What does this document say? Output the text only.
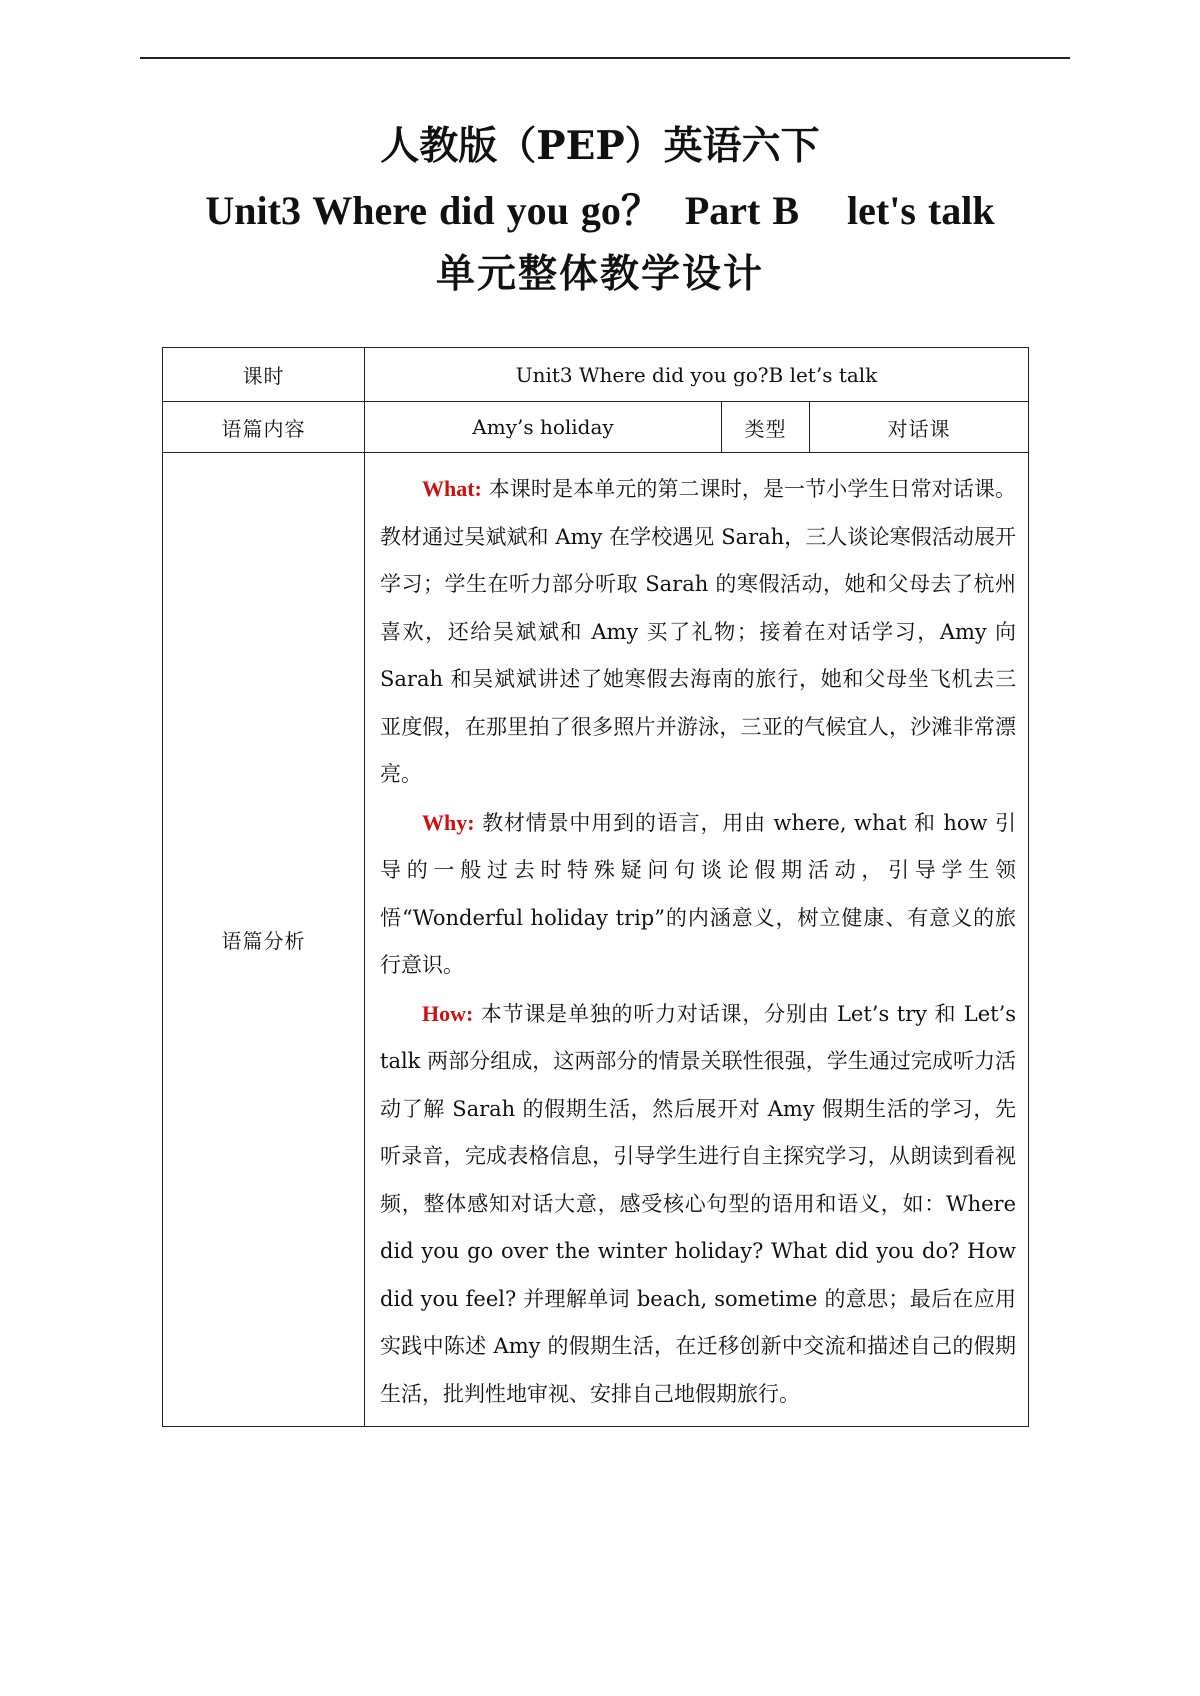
人教版（PEP）英语六下
Unit3 Where did you go？  Part B    let's talk
单元整体教学设计
课时	Unit3 Where did you go?B let’s talk		
语篇内容	Amy’s holiday	类型	对话课
语篇分析	What: 本课时是本单元的第二课时，是一节小学生日常对话课。教材通过吴斌斌和 Amy 在学校遇见 Sarah，三人谈论寒假活动展开学习；学生在听力部分听取 Sarah 的寒假活动，她和父母去了杭州喜欢，还给吴斌斌和 Amy 买了礼物；接着在对话学习，Amy 向 Sarah 和吴斌斌讲述了她寒假去海南的旅行，她和父母坐飞机去三亚度假，在那里拍了很多照片并游泳，三亚的气候宜人，沙滩非常漂亮。

Why: 教材情景中用到的语言，用由 where, what 和 how 引导的一般过去时特殊疑问句谈论假期活动，引导学生领悟“Wonderful holiday trip”的内涵意义，树立健康、有意义的旅行意识。

How: 本节课是单独的听力对话课，分别由 Let’s try 和 Let’s talk 两部分组成，这两部分的情景关联性很强，学生通过完成听力活动了解 Sarah 的假期生活，然后展开对 Amy 假期生活的学习，先听录音，完成表格信息，引导学生进行自主探究学习，从朗读到看视频，整体感知对话大意，感受核心句型的语用和语义，如：Where did you go over the winter holiday? What did you do? How did you feel? 并理解单词 beach, sometime 的意思；最后在应用实践中陈述 Amy 的假期生活，在迁移创新中交流和描述自己的假期生活，批判性地审视、安排自己地假期旅行。		
